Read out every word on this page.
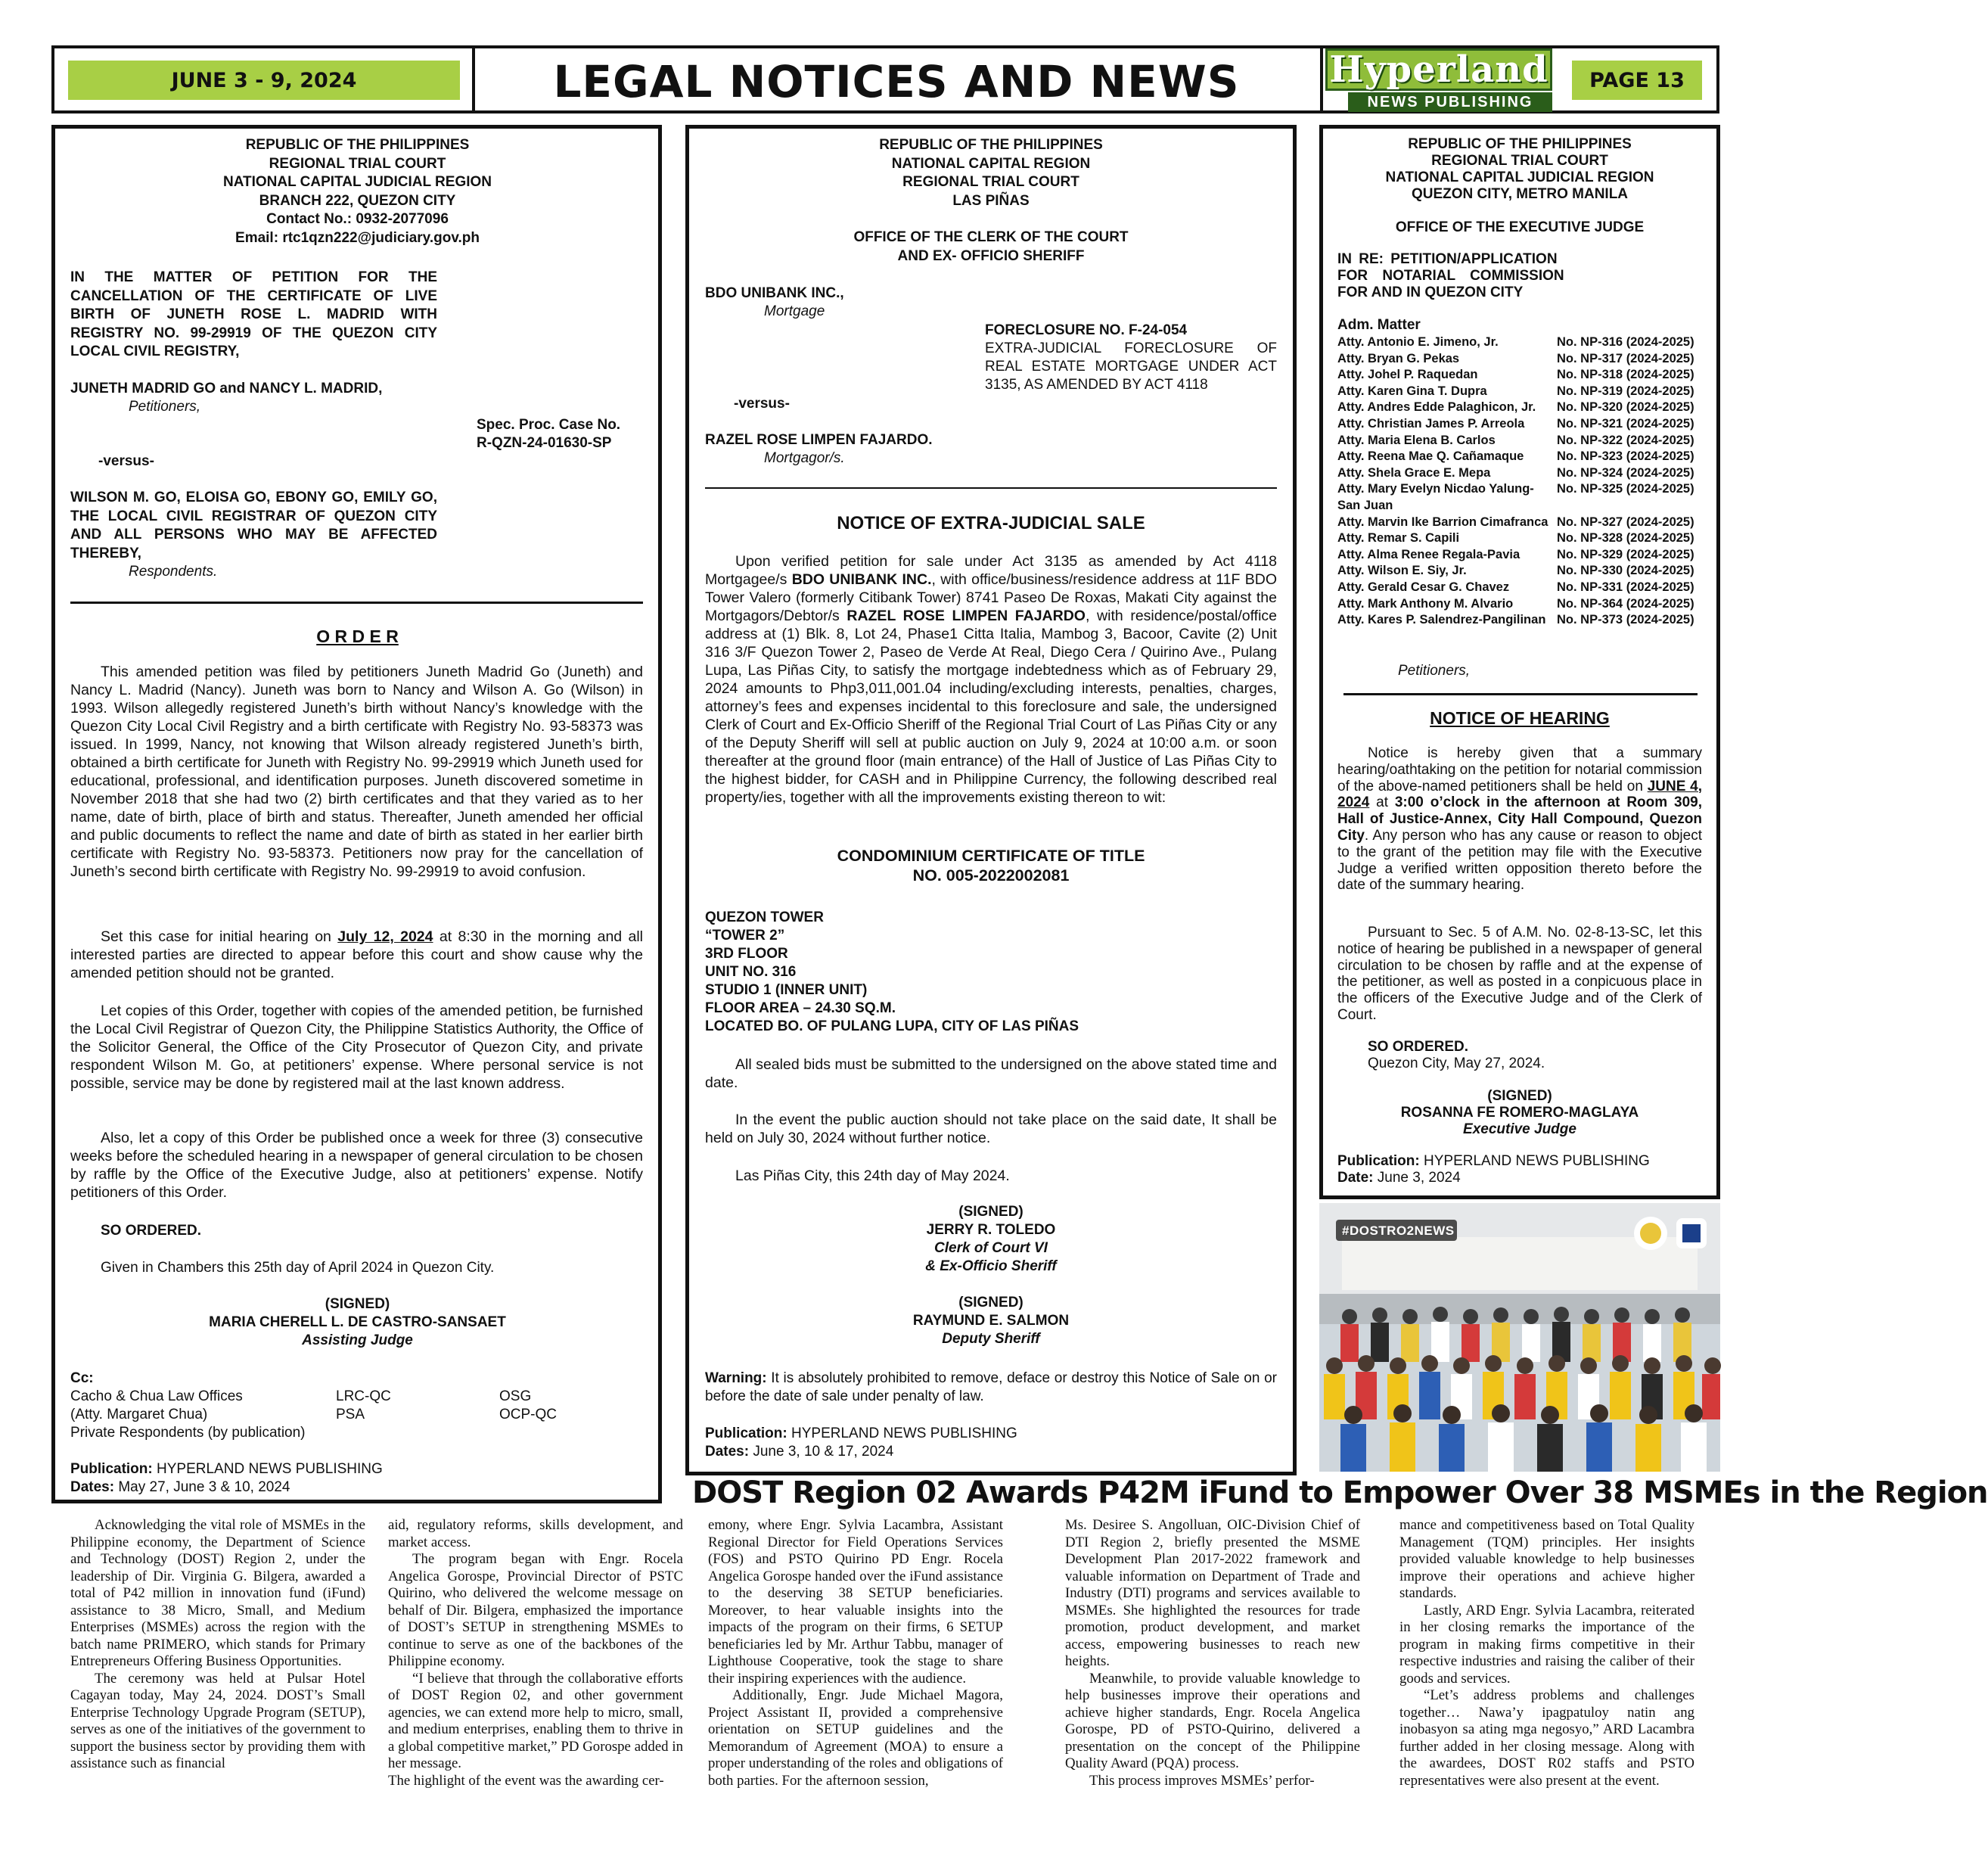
JUNE 3 - 9, 2024	LEGAL NOTICES AND NEWS	Hyperland
NEWS PUBLISHING
PAGE 13
REPUBLIC OF THE PHILIPPINES
REGIONAL TRIAL COURT
NATIONAL CAPITAL JUDICIAL REGION
BRANCH 222, QUEZON CITY
Contact No.: 0932-2077096
Email: rtc1qzn222@judiciary.gov.ph
IN THE MATTER OF PETITION FOR THE CANCELLATION OF THE CERTIFICATE OF LIVE BIRTH OF JUNETH ROSE L. MADRID WITH REGISTRY NO. 99-29919 OF THE QUEZON CITY LOCAL CIVIL REGISTRY,
JUNETH MADRID GO and NANCY L. MADRID,
Petitioners,
Spec. Proc. Case No.
R-QZN-24-01630-SP
-versus-
WILSON M. GO, ELOISA GO, EBONY GO, EMILY GO, THE LOCAL CIVIL REGISTRAR OF QUEZON CITY AND ALL PERSONS WHO MAY BE AFFECTED THEREBY,
Respondents.
O R D E R
This amended petition was filed by petitioners Juneth Madrid Go (Juneth) and Nancy L. Madrid (Nancy). Juneth was born to Nancy and Wilson A. Go (Wilson) in 1993. Wilson allegedly registered Juneth’s birth without Nancy’s knowledge with the Quezon City Local Civil Registry and a birth certificate with Registry No. 93-58373 was issued. In 1999, Nancy, not knowing that Wilson already registered Juneth’s birth, obtained a birth certificate for Juneth with Registry No. 99-29919 which Juneth used for educational, professional, and identification purposes. Juneth discovered sometime in November 2018 that she had two (2) birth certificates and that they varied as to her name, date of birth, place of birth and status. Thereafter, Juneth amended her official and public documents to reflect the name and date of birth as stated in her earlier birth certificate with Registry No. 93-58373. Petitioners now pray for the cancellation of Juneth’s second birth certificate with Registry No. 99-29919 to avoid confusion.
Set this case for initial hearing on July 12, 2024 at 8:30 in the morning and all interested parties are directed to appear before this court and show cause why the amended petition should not be granted.
Let copies of this Order, together with copies of the amended petition, be furnished the Local Civil Registrar of Quezon City, the Philippine Statistics Authority, the Office of the Solicitor General, the Office of the City Prosecutor of Quezon City, and private respondent Wilson M. Go, at petitioners’ expense. Where personal service is not possible, service may be done by registered mail at the last known address.
Also, let a copy of this Order be published once a week for three (3) consecutive weeks before the scheduled hearing in a newspaper of general circulation to be chosen by raffle by the Office of the Executive Judge, also at petitioners’ expense. Notify petitioners of this Order.
SO ORDERED.
Given in Chambers this 25th day of April 2024 in Quezon City.
(SIGNED)
MARIA CHERELL L. DE CASTRO-SANSAET
Assisting Judge
Cc:
Cacho & Chua Law Offices	LRC-QC	OSG
(Atty. Margaret Chua)	PSA	OCP-QC
Private Respondents (by publication)
Publication: HYPERLAND NEWS PUBLISHING
Dates: May 27, June 3 & 10, 2024
REPUBLIC OF THE PHILIPPINES
NATIONAL CAPITAL REGION
REGIONAL TRIAL COURT
LAS PIÑAS
OFFICE OF THE CLERK OF THE COURT
AND EX- OFFICIO SHERIFF
BDO UNIBANK INC.,
Mortgage
FORECLOSURE NO. F-24-054
EXTRA-JUDICIAL FORECLOSURE OF REAL ESTATE MORTGAGE UNDER ACT 3135, AS AMENDED BY ACT 4118
-versus-
RAZEL ROSE LIMPEN FAJARDO.
Mortgagor/s.
NOTICE OF EXTRA-JUDICIAL SALE
Upon verified petition for sale under Act 3135 as amended by Act 4118 Mortgagee/s BDO UNIBANK INC., with office/business/residence address at 11F BDO Tower Valero (formerly Citibank Tower) 8741 Paseo De Roxas, Makati City against the Mortgagors/Debtor/s RAZEL ROSE LIMPEN FAJARDO, with residence/postal/office address at (1) Blk. 8, Lot 24, Phase1 Citta Italia, Mambog 3, Bacoor, Cavite (2) Unit 316 3/F Quezon Tower 2, Paseo de Verde At Real, Diego Cera / Quirino Ave., Pulang Lupa, Las Piñas City, to satisfy the mortgage indebtedness which as of February 29, 2024 amounts to Php3,011,001.04 including/excluding interests, penalties, charges, attorney’s fees and expenses incidental to this foreclosure and sale, the undersigned Clerk of Court and Ex-Officio Sheriff of the Regional Trial Court of Las Piñas City or any of the Deputy Sheriff will sell at public auction on July 9, 2024 at 10:00 a.m. or soon thereafter at the ground floor (main entrance) of the Hall of Justice of Las Piñas City to the highest bidder, for CASH and in Philippine Currency, the following described real property/ies, together with all the improvements existing thereon to wit:
CONDOMINIUM CERTIFICATE OF TITLE
NO. 005-2022002081
QUEZON TOWER
“TOWER 2”
3RD FLOOR
UNIT NO. 316
STUDIO 1 (INNER UNIT)
FLOOR AREA – 24.30 SQ.M.
LOCATED BO. OF PULANG LUPA, CITY OF LAS PIÑAS
All sealed bids must be submitted to the undersigned on the above stated time and date.
In the event the public auction should not take place on the said date, It shall be held on July 30, 2024 without further notice.
Las Piñas City, this 24th day of May 2024.
(SIGNED)
JERRY R. TOLEDO
Clerk of Court VI
& Ex-Officio Sheriff
(SIGNED)
RAYMUND E. SALMON
Deputy Sheriff
Warning: It is absolutely prohibited to remove, deface or destroy this Notice of Sale on or before the date of sale under penalty of law.
Publication: HYPERLAND NEWS PUBLISHING
Dates: June 3, 10 & 17, 2024
REPUBLIC OF THE PHILIPPINES
REGIONAL TRIAL COURT
NATIONAL CAPITAL JUDICIAL REGION
QUEZON CITY, METRO MANILA
OFFICE OF THE EXECUTIVE JUDGE
IN RE: PETITION/APPLICATION
FOR NOTARIAL COMMISSION
FOR AND IN QUEZON CITY
Adm. Matter
Atty. Antonio E. Jimeno, Jr.	No. NP-316 (2024-2025)
Atty. Bryan G. Pekas	No. NP-317 (2024-2025)
Atty. Johel P. Raquedan	No. NP-318 (2024-2025)
Atty. Karen Gina T. Dupra	No. NP-319 (2024-2025)
Atty. Andres Edde Palaghicon, Jr.	No. NP-320 (2024-2025)
Atty. Christian James P. Arreola	No. NP-321 (2024-2025)
Atty. Maria Elena B. Carlos	No. NP-322 (2024-2025)
Atty. Reena Mae Q. Cañamaque	No. NP-323 (2024-2025)
Atty. Shela Grace E. Mepa	No. NP-324 (2024-2025)
Atty. Mary Evelyn Nicdao Yalung-San Juan
No. NP-325 (2024-2025)
Atty. Marvin Ike Barrion Cimafranca No. NP-327 (2024-2025)
Atty. Remar S. Capili	No. NP-328 (2024-2025)
Atty. Alma Renee Regala-Pavia	No. NP-329 (2024-2025)
Atty. Wilson E. Siy, Jr.	No. NP-330 (2024-2025)
Atty. Gerald Cesar G. Chavez	No. NP-331 (2024-2025)
Atty. Mark Anthony M. Alvario	No. NP-364 (2024-2025)
Atty. Kares P. Salendrez-Pangilinan No. NP-373 (2024-2025)
Petitioners,
NOTICE OF HEARING
Notice is hereby given that a summary hearing/oathtaking on the petition for notarial commission of the above-named petitioners shall be held on JUNE 4, 2024 at 3:00 o’clock in the afternoon at Room 309, Hall of Justice-Annex, City Hall Compound, Quezon City. Any person who has any cause or reason to object to the grant of the petition may file with the Executive Judge a verified written opposition thereto before the date of the summary hearing.
Pursuant to Sec. 5 of A.M. No. 02-8-13-SC, let this notice of hearing be published in a newspaper of general circulation to be chosen by raffle and at the expense of the petitioner, as well as posted in a conpicuous place in the officers of the Executive Judge and of the Clerk of Court.
SO ORDERED.
Quezon City, May 27, 2024.
(SIGNED)
ROSANNA FE ROMERO-MAGLAYA
Executive Judge
Publication: HYPERLAND NEWS PUBLISHING
Date: June 3, 2024
#DOSTRO2NEWS
DOST Region 02 Awards P42M iFund to Empower Over 38 MSMEs in the Region

Acknowledging the vital role of MSMEs in the Philippine economy, the Department of Science and Technology (DOST) Region 2, under the leadership of Dir. Virginia G. Bilgera, awarded a total of P42 million in innovation fund (iFund) assistance to 38 Micro, Small, and Medium Enterprises (MSMEs) across the region with the batch name PRIMERO, which stands for Primary Entrepreneurs Offering Business Opportunities.

The ceremony was held at Pulsar Hotel Cagayan today, May 24, 2024. DOST’s Small Enterprise Technology Upgrade Program (SETUP), serves as one of the initiatives of the government to support the business sector by providing them with assistance such as financial

aid, regulatory reforms, skills development, and market access.

The program began with Engr. Rocela Angelica Gorospe, Provincial Director of PSTC Quirino, who delivered the welcome message on behalf of Dir. Bilgera, emphasized the importance of DOST’s SETUP in strengthening MSMEs to continue to serve as one of the backbones of the Philippine economy.

“I believe that through the collaborative efforts of DOST Region 02, and other government agencies, we can extend more help to micro, small, and medium enterprises, enabling them to thrive in a global competitive market,” PD Gorospe added in her message.

The highlight of the event was the awarding cer-

emony, where Engr. Sylvia Lacambra, Assistant Regional Director for Field Operations Services (FOS) and PSTO Quirino PD Engr. Rocela Angelica Gorospe handed over the iFund assistance to the deserving 38 SETUP beneficiaries. Moreover, to hear valuable insights into the impacts of the program on their firms, 6 SETUP beneficiaries led by Mr. Arthur Tabbu, manager of Lighthouse Cooperative, took the stage to share their inspiring experiences with the audience.

Additionally, Engr. Jude Michael Magora, Project Assistant II, provided a comprehensive orientation on SETUP guidelines and the Memorandum of Agreement (MOA) to ensure a proper understanding of the roles and obligations of both parties. For the afternoon session,

Ms. Desiree S. Angolluan, OIC-Division Chief of DTI Region 2, briefly presented the MSME Development Plan 2017-2022 framework and valuable information on Department of Trade and Industry (DTI) programs and services available to MSMEs. She highlighted the resources for trade promotion, product development, and market access, empowering businesses to reach new heights.

Meanwhile, to provide valuable knowledge to help businesses improve their operations and achieve higher standards, Engr. Rocela Angelica Gorospe, PD of PSTO-Quirino, delivered a presentation on the concept of the Philippine Quality Award (PQA) process.

This process improves MSMEs’ perfor-

mance and competitiveness based on Total Quality Management (TQM) principles. Her insights provided valuable knowledge to help businesses improve their operations and achieve higher standards.

Lastly, ARD Engr. Sylvia Lacambra, reiterated in her closing remarks the importance of the program in making firms competitive in their respective industries and raising the caliber of their goods and services.

“Let’s address problems and challenges together… Nawa’y ipagpatuloy natin ang inobasyon sa ating mga negosyo,” ARD Lacambra further added in her closing message. Along with the awardees, DOST R02 staffs and PSTO representatives were also present at the event.
